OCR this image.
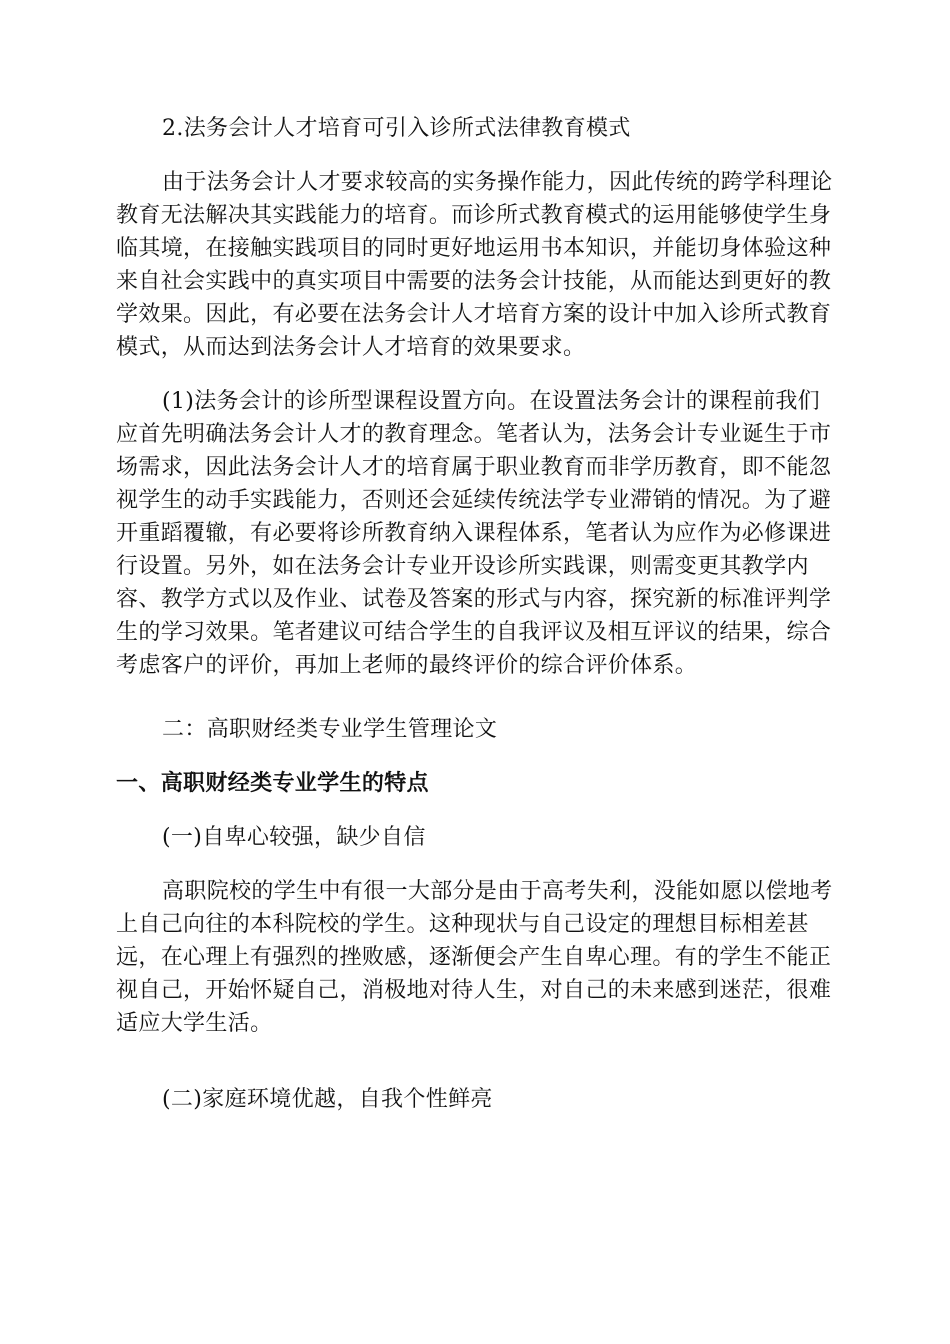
2.法务会计人才培育可引入诊所式法律教育模式
由于法务会计人才要求较高的实务操作能力，因此传统的跨学科理论
教育无法解决其实践能力的培育。而诊所式教育模式的运用能够使学生身
临其境，在接触实践项目的同时更好地运用书本知识，并能切身体验这种
来自社会实践中的真实项目中需要的法务会计技能，从而能达到更好的教
学效果。因此，有必要在法务会计人才培育方案的设计中加入诊所式教育
模式，从而达到法务会计人才培育的效果要求。
(1)法务会计的诊所型课程设置方向。在设置法务会计的课程前我们
应首先明确法务会计人才的教育理念。笔者认为，法务会计专业诞生于市
场需求，因此法务会计人才的培育属于职业教育而非学历教育，即不能忽
视学生的动手实践能力，否则还会延续传统法学专业滞销的情况。为了避
开重蹈覆辙，有必要将诊所教育纳入课程体系，笔者认为应作为必修课进
行设置。另外，如在法务会计专业开设诊所实践课，则需变更其教学内
容、教学方式以及作业、试卷及答案的形式与内容，探究新的标准评判学
生的学习效果。笔者建议可结合学生的自我评议及相互评议的结果，综合
考虑客户的评价，再加上老师的最终评价的综合评价体系。
二：高职财经类专业学生管理论文
一、高职财经类专业学生的特点
(一)自卑心较强，缺少自信
高职院校的学生中有很一大部分是由于高考失利，没能如愿以偿地考
上自己向往的本科院校的学生。这种现状与自己设定的理想目标相差甚
远，在心理上有强烈的挫败感，逐渐便会产生自卑心理。有的学生不能正
视自己，开始怀疑自己，消极地对待人生，对自己的未来感到迷茫，很难
适应大学生活。
(二)家庭环境优越，自我个性鲜亮
